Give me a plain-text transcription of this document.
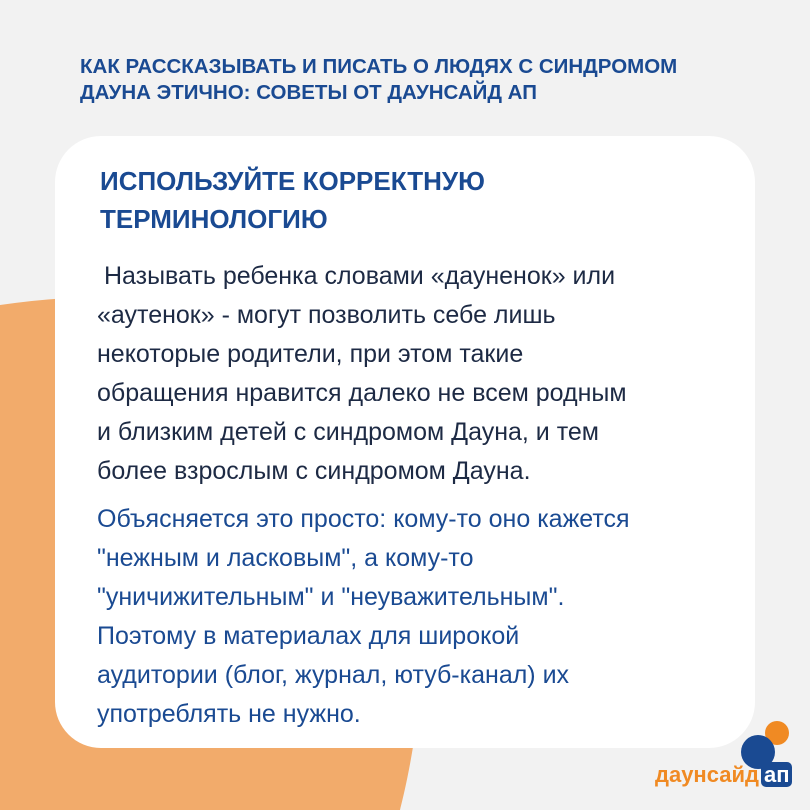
КАК РАССКАЗЫВАТЬ И ПИСАТЬ О ЛЮДЯХ С СИНДРОМОМ
ДАУНА ЭТИЧНО: СОВЕТЫ ОТ ДАУНСАЙД АП
ИСПОЛЬЗУЙТЕ КОРРЕКТНУЮ
ТЕРМИНОЛОГИЮ

Называть ребенка словами «дауненок» или
«аутенок» - могут позволить себе лишь
некоторые родители, при этом такие
обращения нравится далеко не всем родным
и близким детей с синдромом Дауна, и тем
более взрослым с синдромом Дауна.

Объясняется это просто: кому-то оно кажется
"нежным и ласковым", а кому-то
"уничижительным" и "неуважительным".
Поэтому в материалах для широкой
аудитории (блог, журнал, ютуб-канал) их
употреблять не нужно.

даунсайд ап
